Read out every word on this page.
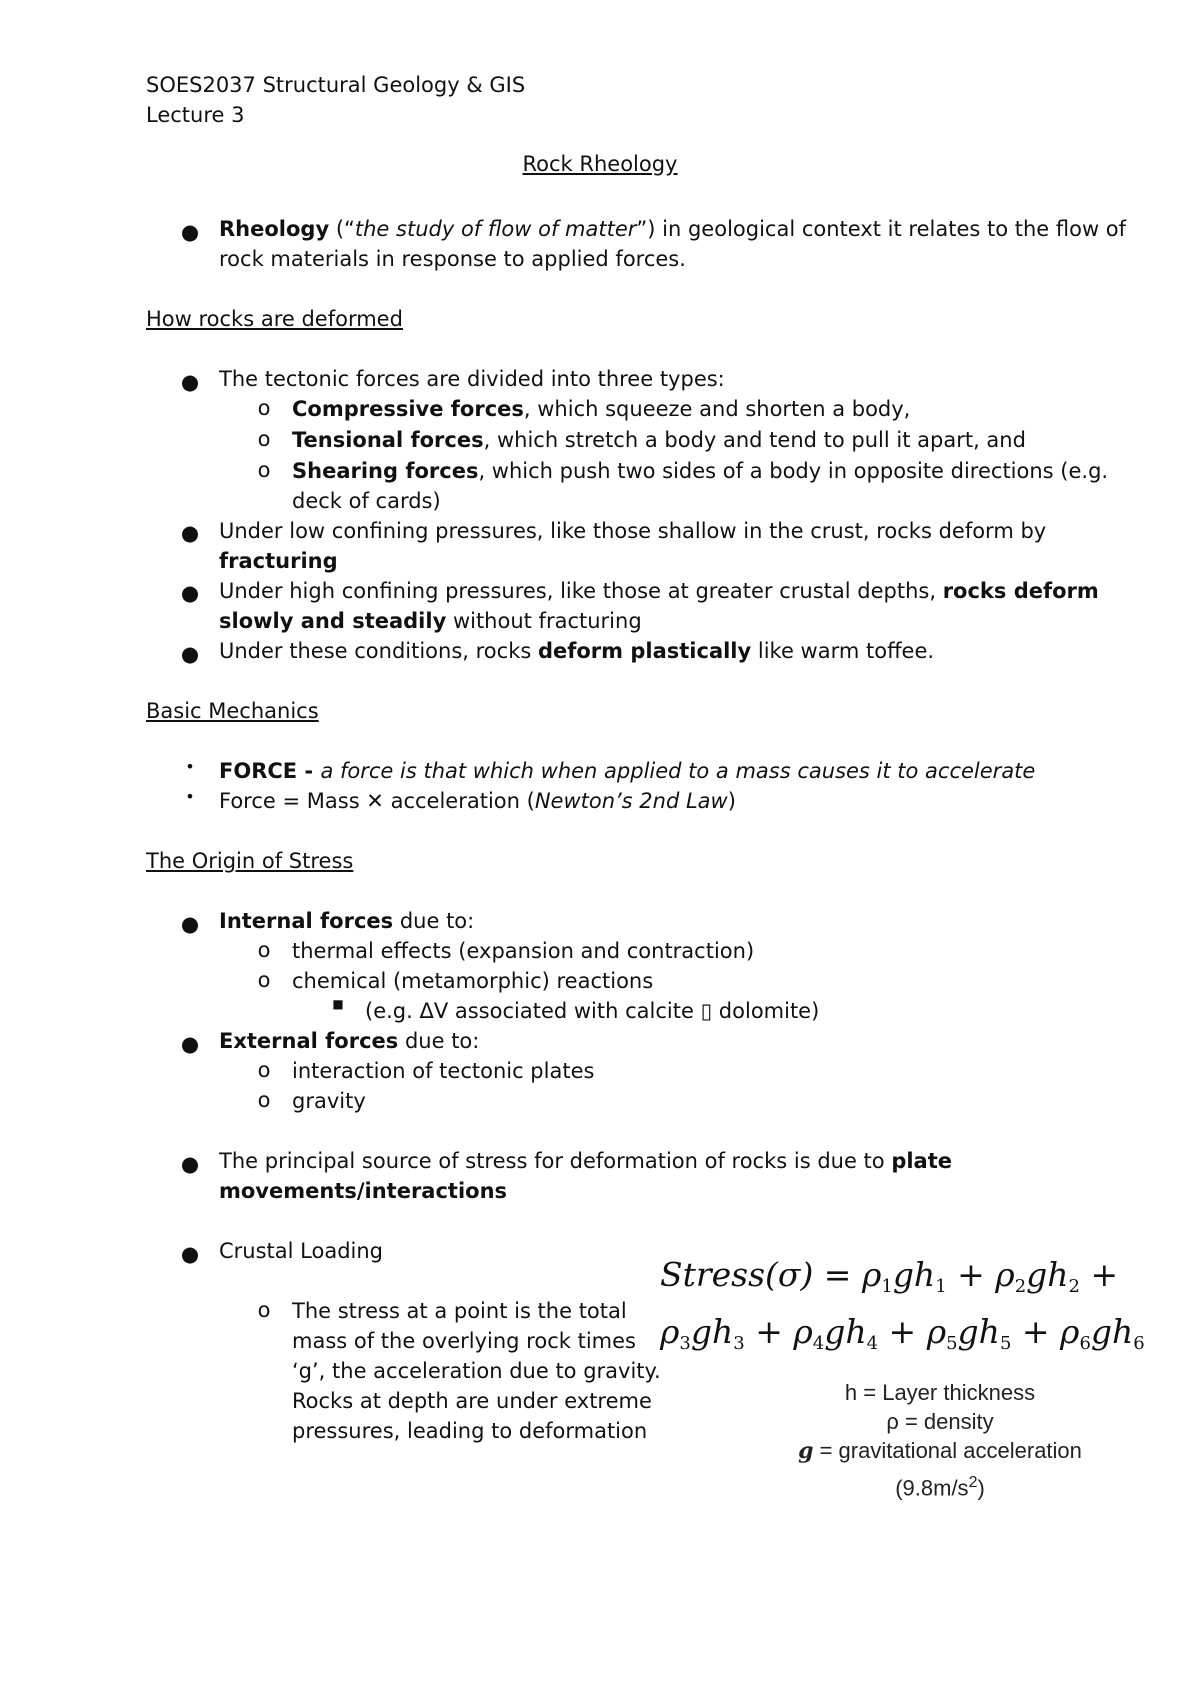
SOES2037 Structural Geology & GIS
Lecture 3
Rock Rheology
● Rheology (“the study of flow of matter”) in geological context it relates to the flow of
rock materials in response to applied forces.
How rocks are deformed
● The tectonic forces are divided into three types:
o Compressive forces, which squeeze and shorten a body,
o Tensional forces, which stretch a body and tend to pull it apart, and
o Shearing forces, which push two sides of a body in opposite directions (e.g.
deck of cards)
● Under low confining pressures, like those shallow in the crust, rocks deform by
fracturing
● Under high confining pressures, like those at greater crustal depths, rocks deform
slowly and steadily without fracturing
● Under these conditions, rocks deform plastically like warm toffee.
Basic Mechanics
• FORCE - a force is that which when applied to a mass causes it to accelerate
• Force = Mass ✕ acceleration (Newton’s 2nd Law)
The Origin of Stress
● Internal forces due to:
o thermal effects (expansion and contraction)
o chemical (metamorphic) reactions
■ (e.g. ΔV associated with calcite ▯ dolomite)
● External forces due to:
o interaction of tectonic plates
o gravity
● The principal source of stress for deformation of rocks is due to plate
movements/interactions
● Crustal Loading
o The stress at a point is the total
mass of the overlying rock times
‘g’, the acceleration due to gravity.
Rocks at depth are under extreme
pressures, leading to deformation
Stress(σ) = $\rho_1gh_1 + \rho_2gh_2$ +
$\rho_3gh_3 + \rho_4gh_4 + \rho_5gh_5 + \rho_6gh_6$
h = Layer thickness
ρ = density
g = gravitational acceleration
$(9.8m/s^2)$
